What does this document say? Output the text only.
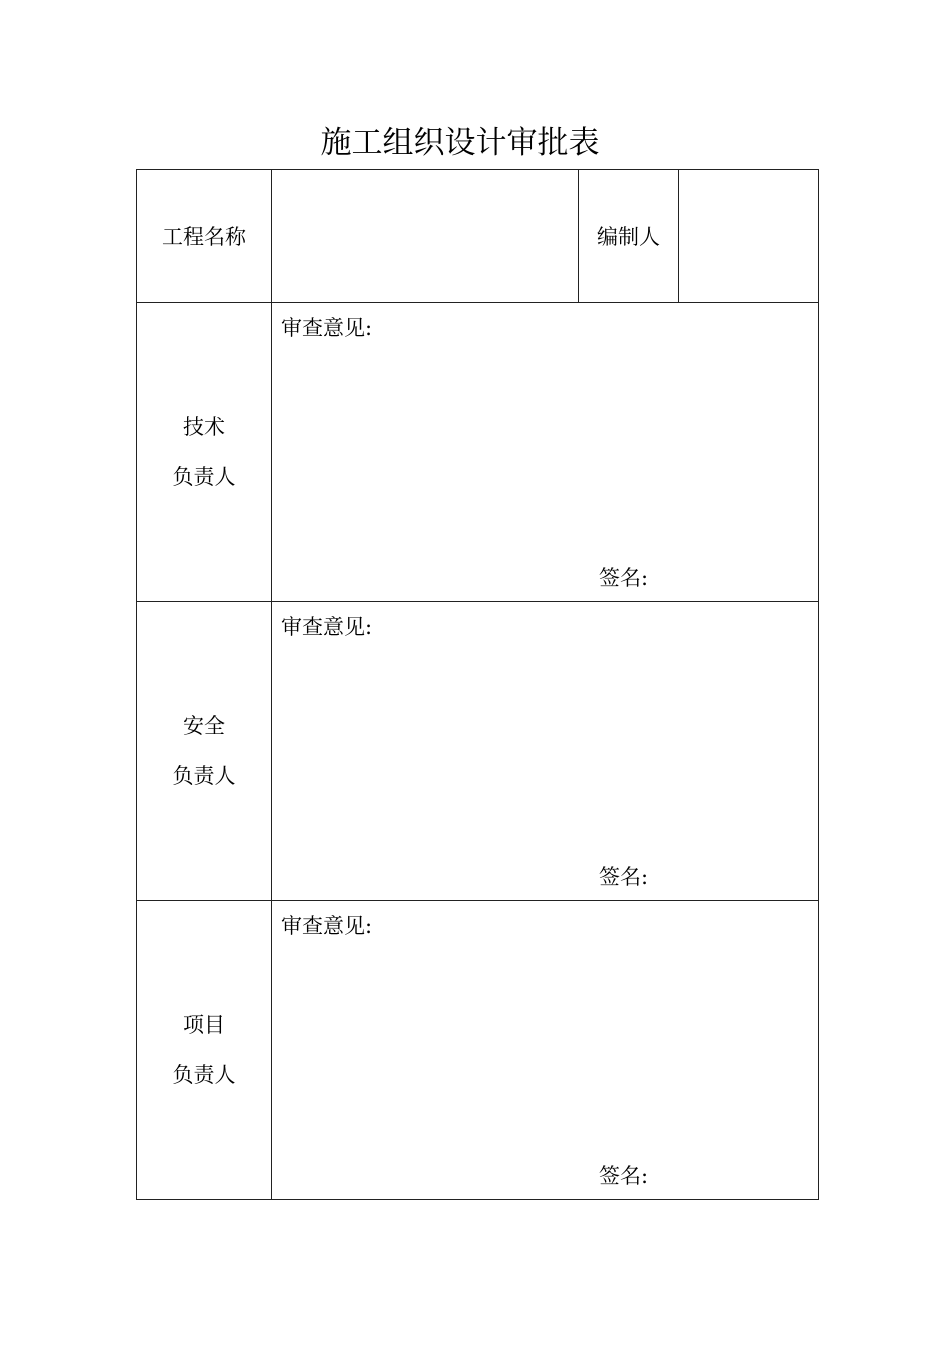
施工组织设计审批表
工程名称		编制人	

技术
负责人	审查意见:
签名:		

安全
负责人	审查意见:
签名:		

项目
负责人	审查意见:
签名:		
